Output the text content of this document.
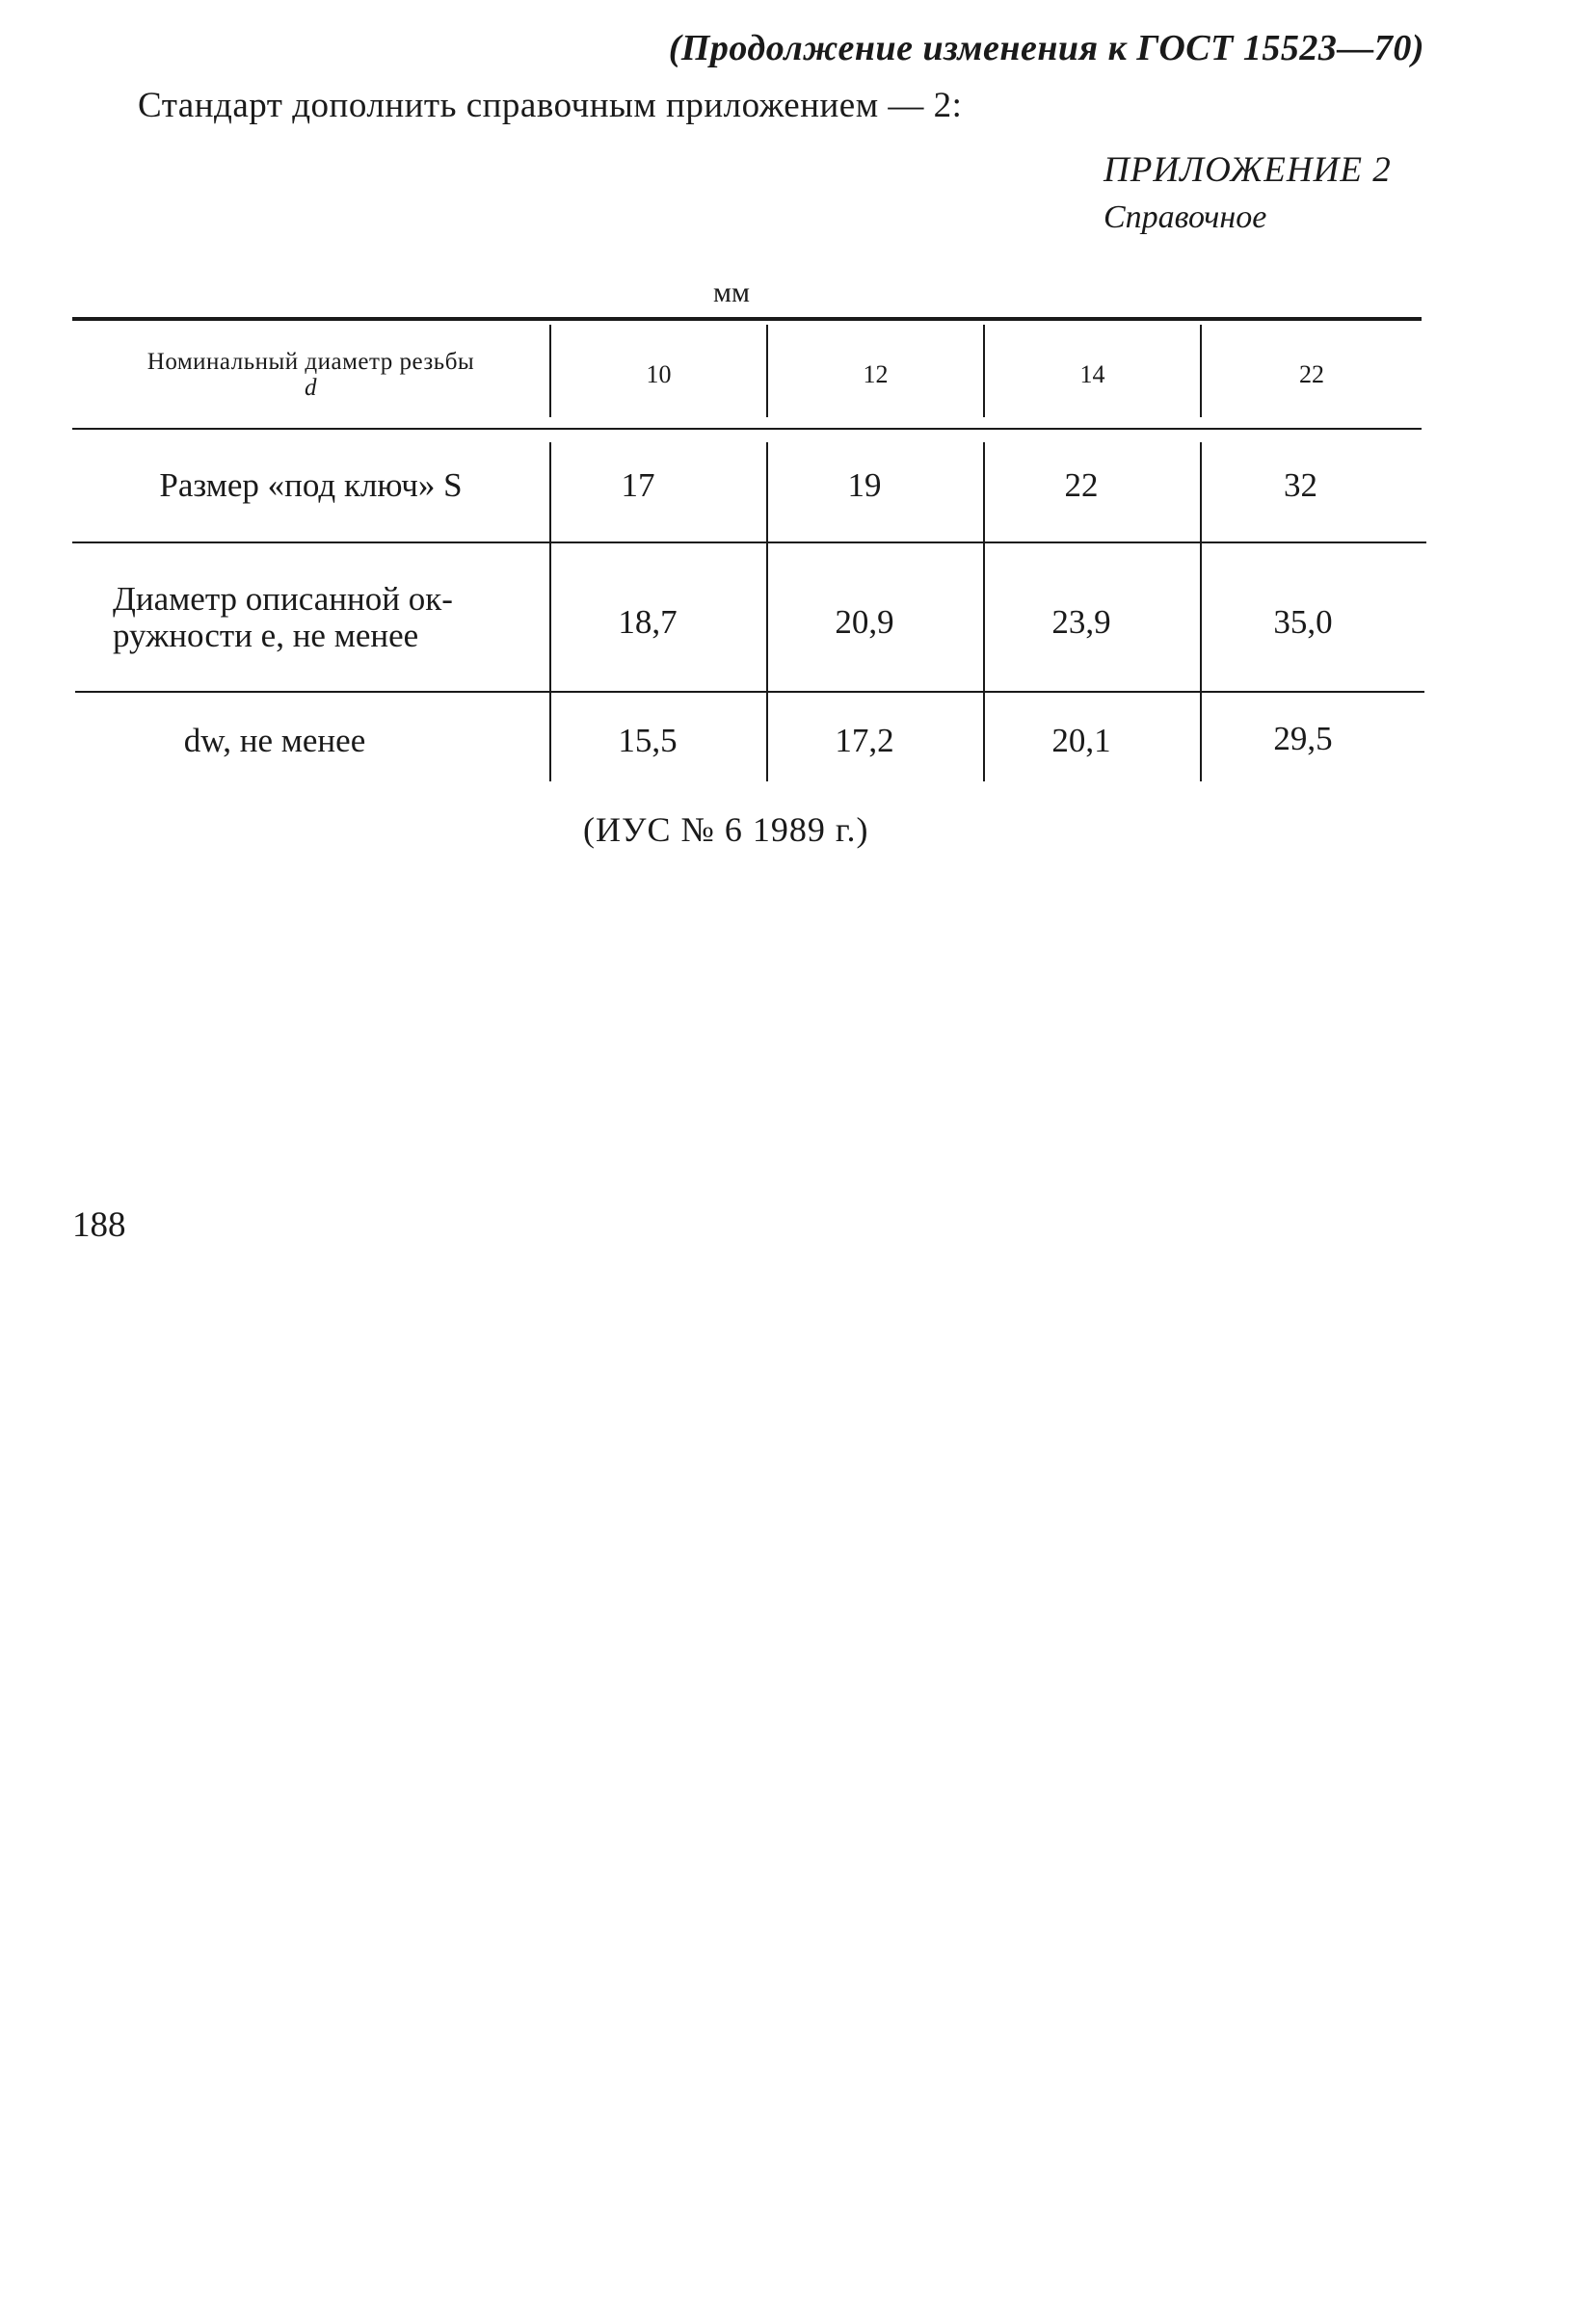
(Продолжение изменения к ГОСТ 15523—70)
Стандарт дополнить справочным приложением — 2:
ПРИЛОЖЕНИЕ 2
Справочное
мм
Номинальный диаметр резьбы
d	10	12	14	22
Размер «под ключ» S	17	19	22	32
Диаметр описанной ок-
ружности e, не менее	18,7	20,9	23,9	35,0
dw, не менее	15,5	17,2	20,1	29,5
(ИУС № 6 1989 г.)
188
